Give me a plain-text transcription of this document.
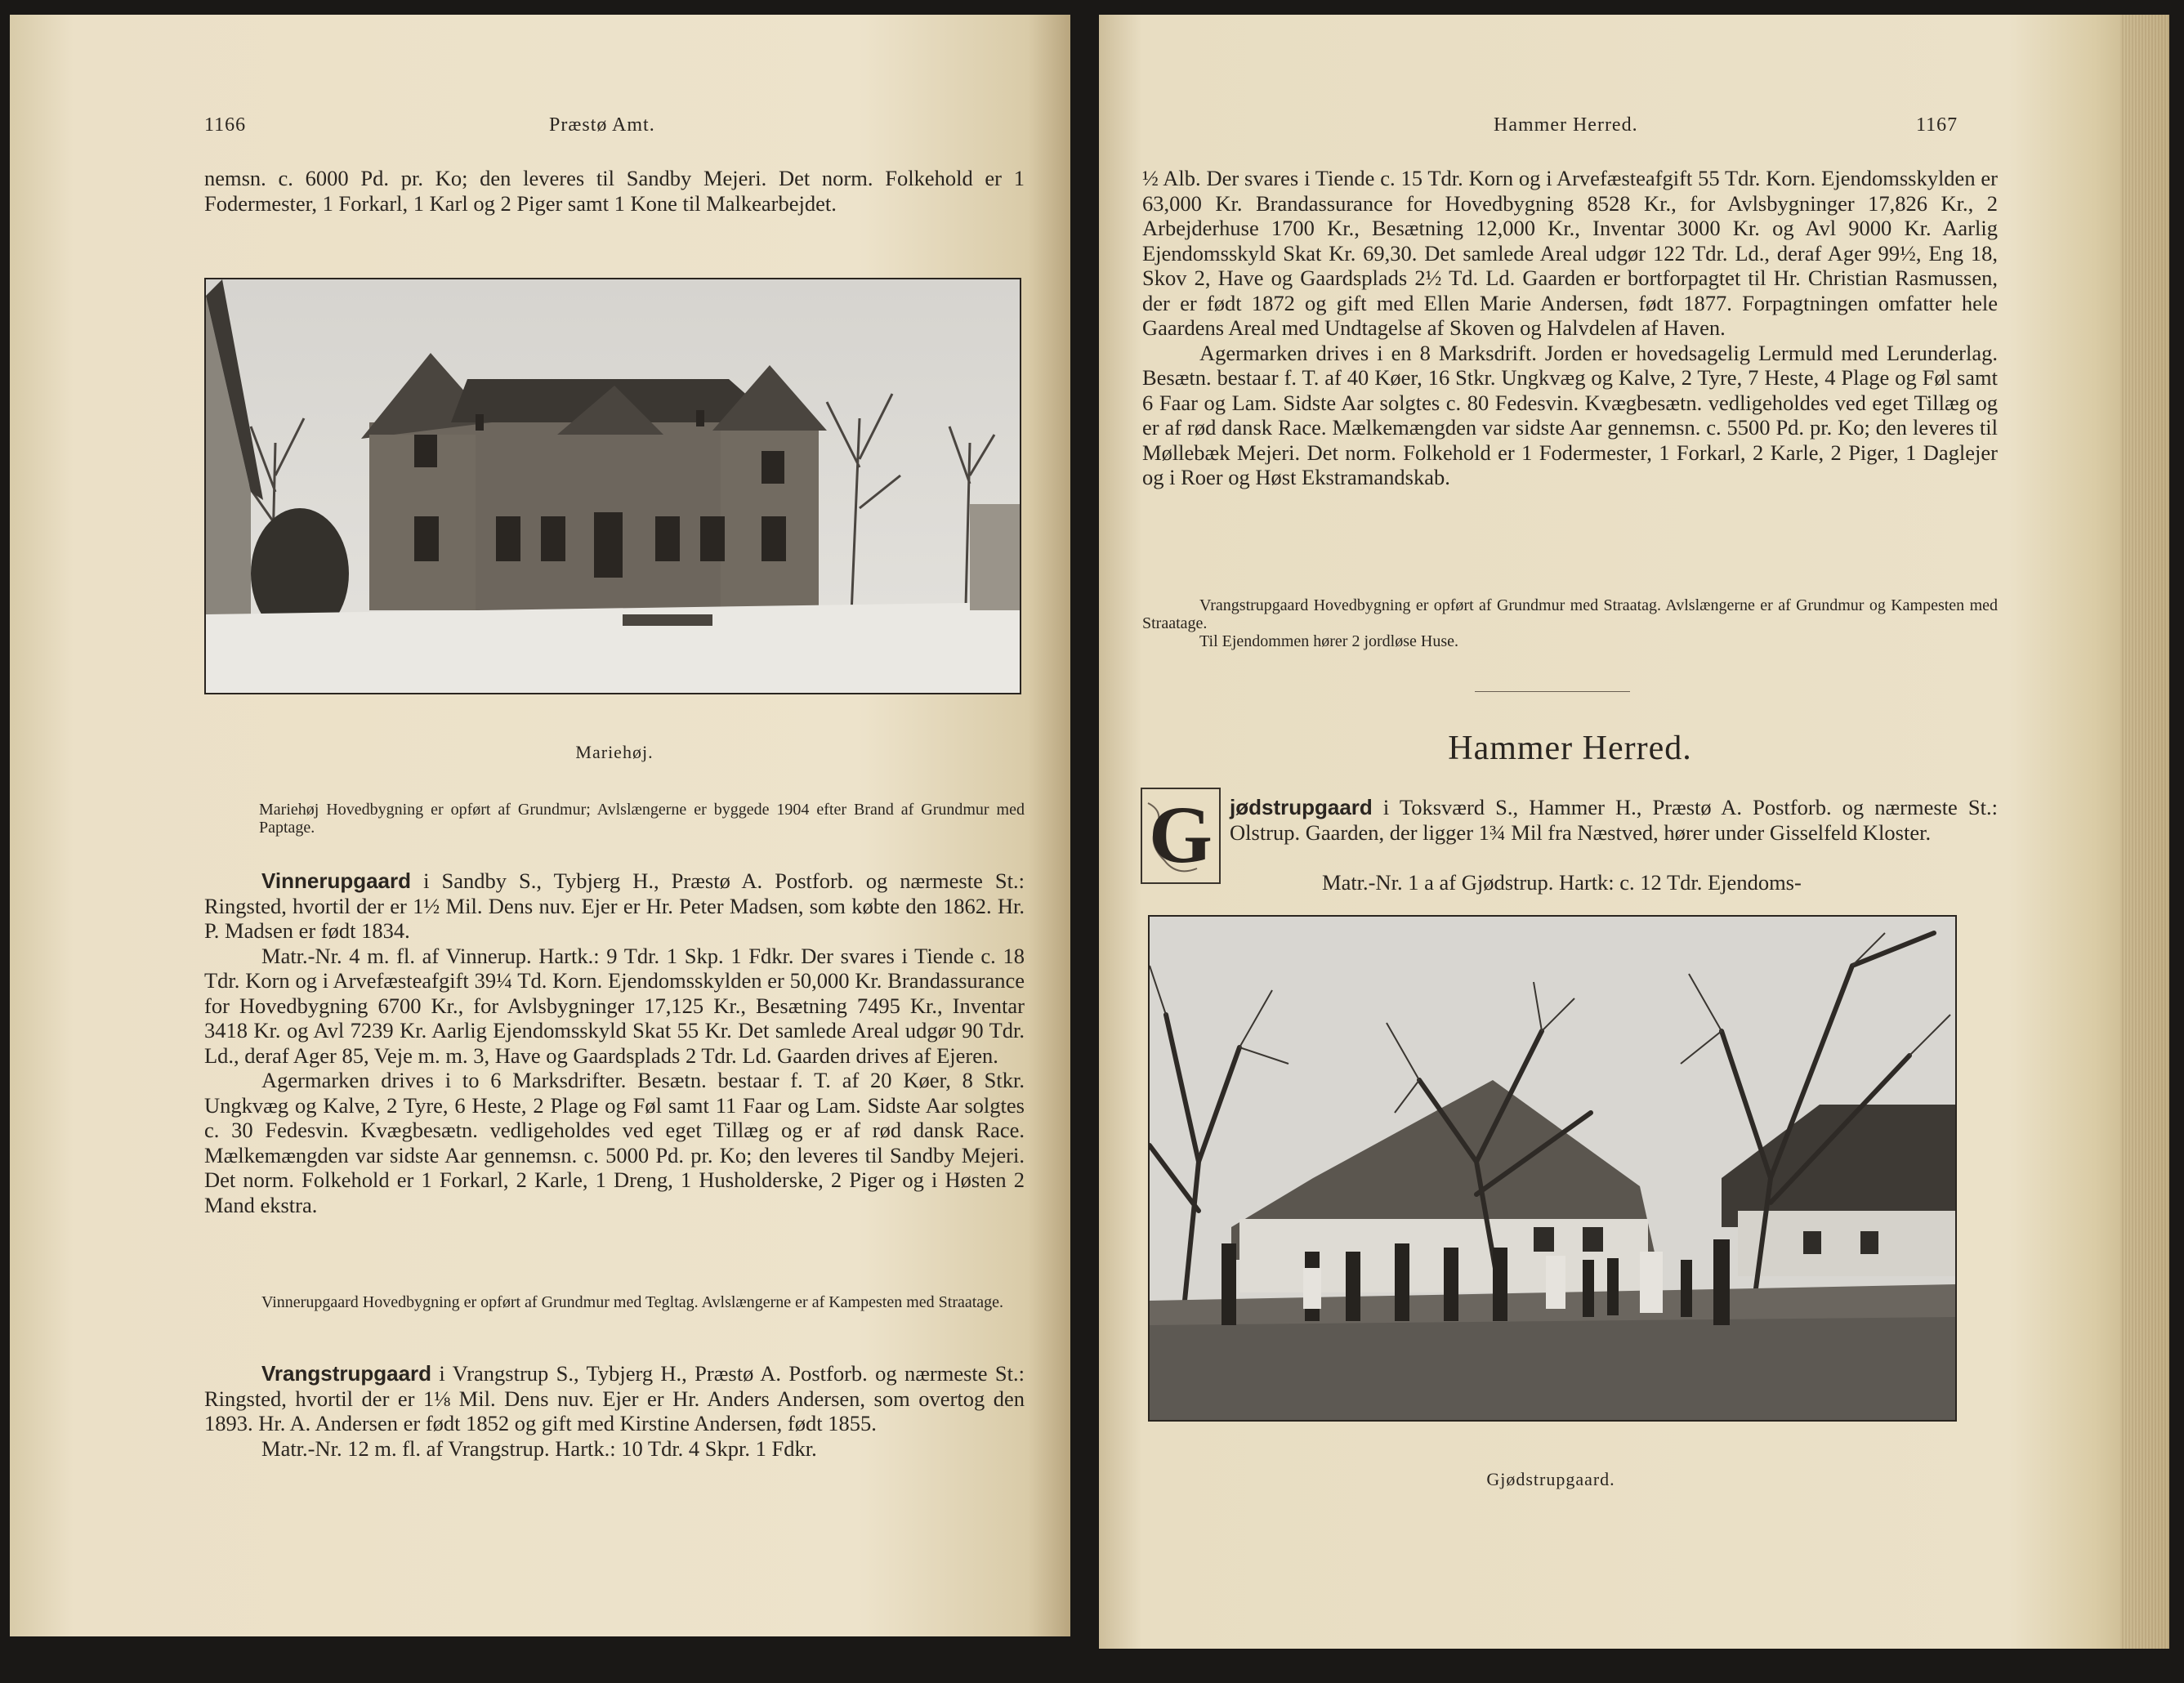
1166	Præstø Amt.

nemsn. c. 6000 Pd. pr. Ko; den leveres til Sandby Mejeri. Det norm. Folkehold er 1 Fodermester, 1 Forkarl, 1 Karl og 2 Piger samt 1 Kone til Malkearbejdet.

Mariehøj.

Mariehøj Hovedbygning er opført af Grundmur; Avlslængerne er byggede 1904 efter Brand af Grundmur med Paptage.

Vinnerupgaard i Sandby S., Tybjerg H., Præstø A. Postforb. og nærmeste St.: Ringsted, hvortil der er 1½ Mil. Dens nuv. Ejer er Hr. Peter Madsen, som købte den 1862. Hr. P. Madsen er født 1834.

Matr.-Nr. 4 m. fl. af Vinnerup. Hartk.: 9 Tdr. 1 Skp. 1 Fdkr. Der svares i Tiende c. 18 Tdr. Korn og i Arvefæsteafgift 39¼ Td. Korn. Ejendomsskylden er 50,000 Kr. Brandassurance for Hovedbygning 6700 Kr., for Avlsbygninger 17,125 Kr., Besætning 7495 Kr., Inventar 3418 Kr. og Avl 7239 Kr. Aarlig Ejendomsskyld Skat 55 Kr. Det samlede Areal udgør 90 Tdr. Ld., deraf Ager 85, Veje m. m. 3, Have og Gaardsplads 2 Tdr. Ld. Gaarden drives af Ejeren.

Agermarken drives i to 6 Marksdrifter. Besætn. bestaar f. T. af 20 Køer, 8 Stkr. Ungkvæg og Kalve, 2 Tyre, 6 Heste, 2 Plage og Føl samt 11 Faar og Lam. Sidste Aar solgtes c. 30 Fedesvin. Kvægbesætn. vedligeholdes ved eget Tillæg og er af rød dansk Race. Mælkemængden var sidste Aar gennemsn. c. 5000 Pd. pr. Ko; den leveres til Sandby Mejeri. Det norm. Folkehold er 1 Forkarl, 2 Karle, 1 Dreng, 1 Husholderske, 2 Piger og i Høsten 2 Mand ekstra.

Vinnerupgaard Hovedbygning er opført af Grundmur med Tegltag. Avlslængerne er af Kampesten med Straatage.

Vrangstrupgaard i Vrangstrup S., Tybjerg H., Præstø A. Postforb. og nærmeste St.: Ringsted, hvortil der er 1⅛ Mil. Dens nuv. Ejer er Hr. Anders Andersen, som overtog den 1893. Hr. A. Andersen er født 1852 og gift med Kirstine Andersen, født 1855.

Matr.-Nr. 12 m. fl. af Vrangstrup. Hartk.: 10 Tdr. 4 Skpr. 1 Fdkr.

Hammer Herred.	1167

½ Alb. Der svares i Tiende c. 15 Tdr. Korn og i Arvefæsteafgift 55 Tdr. Korn. Ejendomsskylden er 63,000 Kr. Brandassurance for Hovedbygning 8528 Kr., for Avlsbygninger 17,826 Kr., 2 Arbejderhuse 1700 Kr., Besætning 12,000 Kr., Inventar 3000 Kr. og Avl 9000 Kr. Aarlig Ejendomsskyld Skat Kr. 69,30. Det samlede Areal udgør 122 Tdr. Ld., deraf Ager 99½, Eng 18, Skov 2, Have og Gaardsplads 2½ Td. Ld. Gaarden er bortforpagtet til Hr. Christian Rasmussen, der er født 1872 og gift med Ellen Marie Andersen, født 1877. Forpagtningen omfatter hele Gaardens Areal med Undtagelse af Skoven og Halvdelen af Haven.

Agermarken drives i en 8 Marksdrift. Jorden er hovedsagelig Lermuld med Lerunderlag. Besætn. bestaar f. T. af 40 Køer, 16 Stkr. Ungkvæg og Kalve, 2 Tyre, 7 Heste, 4 Plage og Føl samt 6 Faar og Lam. Sidste Aar solgtes c. 80 Fedesvin. Kvægbesætn. vedligeholdes ved eget Tillæg og er af rød dansk Race. Mælkemængden var sidste Aar gennemsn. c. 5500 Pd. pr. Ko; den leveres til Møllebæk Mejeri. Det norm. Folkehold er 1 Fodermester, 1 Forkarl, 2 Karle, 2 Piger, 1 Daglejer og i Roer og Høst Ekstramandskab.

Vrangstrupgaard Hovedbygning er opført af Grundmur med Straatag. Avlslængerne er af Grundmur og Kampesten med Straatage.

Til Ejendommen hører 2 jordløse Huse.

Hammer Herred.
G jødstrupgaard i Toksværd S., Hammer H., Præstø A. Postforb. og nærmeste St.: Olstrup. Gaarden, der ligger 1¾ Mil fra Næstved, hører under Gisselfeld Kloster.

Matr.-Nr. 1 a af Gjødstrup. Hartk: c. 12 Tdr. Ejendoms-

Gjødstrupgaard.
